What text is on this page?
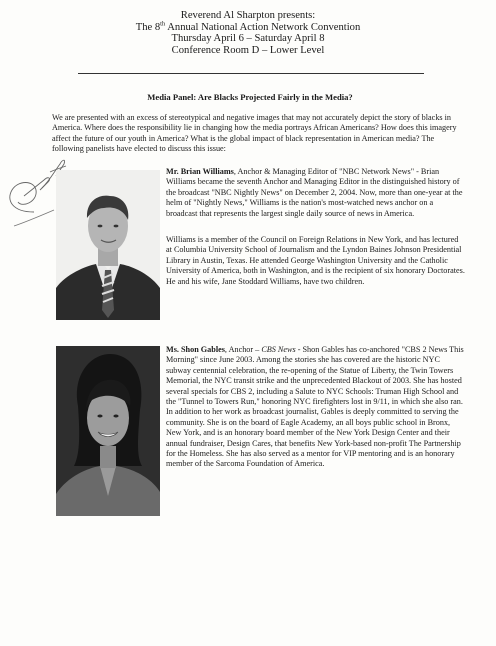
Reverend Al Sharpton presents:
The 8th Annual National Action Network Convention
Thursday April 6 – Saturday April 8
Conference Room D – Lower Level
Media Panel: Are Blacks Projected Fairly in the Media?

We are presented with an excess of stereotypical and negative images that may not accurately depict the story of blacks in America. Where does the responsibility lie in changing how the media portrays African Americans? How does this imagery affect the future of our youth in America? What is the global impact of black representation in American media? The following panelists have elected to discuss this issue:

Mr. Brian Williams, Anchor & Managing Editor of "NBC Network News" - Brian Williams became the seventh Anchor and Managing Editor in the distinguished history of the broadcast "NBC Nightly News" on December 2, 2004. Now, more than one-year at the helm of "Nightly News," Williams is the nation's most-watched news anchor on a broadcast that represents the largest single daily source of news in America.

Williams is a member of the Council on Foreign Relations in New York, and has lectured at Columbia University School of Journalism and the Lyndon Baines Johnson Presidential Library in Austin, Texas. He attended George Washington University and the Catholic University of America, both in Washington, and is the recipient of six honorary Doctorates. He and his wife, Jane Stoddard Williams, have two children.

Ms. Shon Gables, Anchor – CBS News - Shon Gables has co-anchored "CBS 2 News This Morning" since June 2003. Among the stories she has covered are the historic NYC subway centennial celebration, the re-opening of the Statue of Liberty, the Twin Towers Memorial, the NYC transit strike and the unprecedented Blackout of 2003. She has hosted several specials for CBS 2, including a Salute to NYC Schools: Truman High School and the "Tunnel to Towers Run," honoring NYC firefighters lost in 9/11, in which she also ran. In addition to her work as broadcast journalist, Gables is deeply committed to serving the community. She is on the board of Eagle Academy, an all boys public school in Bronx, New York, and is an honorary board member of the New York Design Center and their annual fundraiser, Design Cares, that benefits New York-based non-profit The Partnership for the Homeless. She has also served as a mentor for VIP mentoring and is an honorary member of the Sarcoma Foundation of America.
